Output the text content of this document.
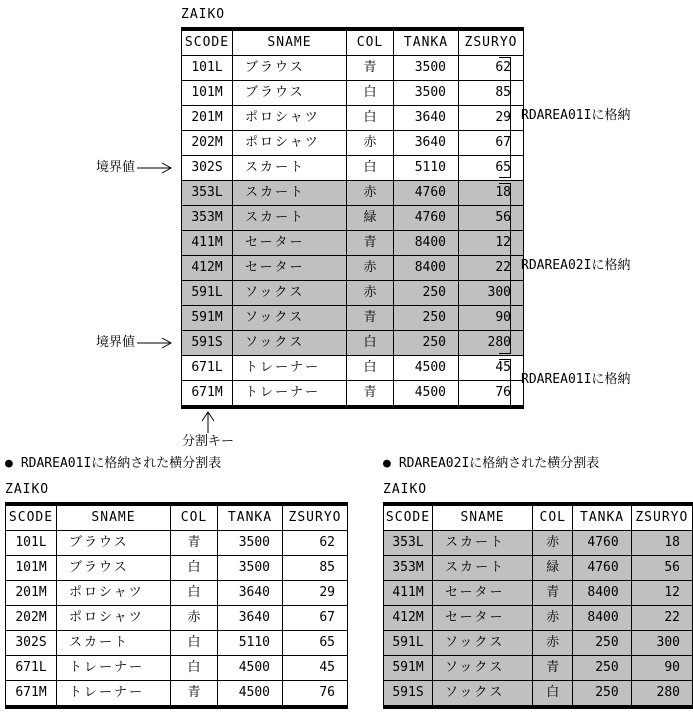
ZAIKO
SCODE	SNAME	COL	TANKA	ZSURYO
101L	ブラウス	青	3500	62
101M	ブラウス	白	3500	85
201M	ポロシャツ	白	3640	29
202M	ポロシャツ	赤	3640	67
302S	スカート	白	5110	65
353L	スカート	赤	4760	18
353M	スカート	緑	4760	56
411M	セーター	青	8400	12
412M	セーター	赤	8400	22
591L	ソックス	赤	250	300
591M	ソックス	青	250	90
591S	ソックス	白	250	280
671L	トレーナー	白	4500	45
671M	トレーナー	青	4500	76
境界値
境界値
RDAREA01Iに格納
RDAREA02Iに格納
RDAREA01Iに格納
分割キー
● RDAREA01Iに格納された横分割表
ZAIKO
SCODE	SNAME	COL	TANKA	ZSURYO
101L	ブラウス	青	3500	62
101M	ブラウス	白	3500	85
201M	ポロシャツ	白	3640	29
202M	ポロシャツ	赤	3640	67
302S	スカート	白	5110	65
671L	トレーナー	白	4500	45
671M	トレーナー	青	4500	76
● RDAREA02Iに格納された横分割表
ZAIKO
SCODE	SNAME	COL	TANKA	ZSURYO
353L	スカート	赤	4760	18
353M	スカート	緑	4760	56
411M	セーター	青	8400	12
412M	セーター	赤	8400	22
591L	ソックス	赤	250	300
591M	ソックス	青	250	90
591S	ソックス	白	250	280
